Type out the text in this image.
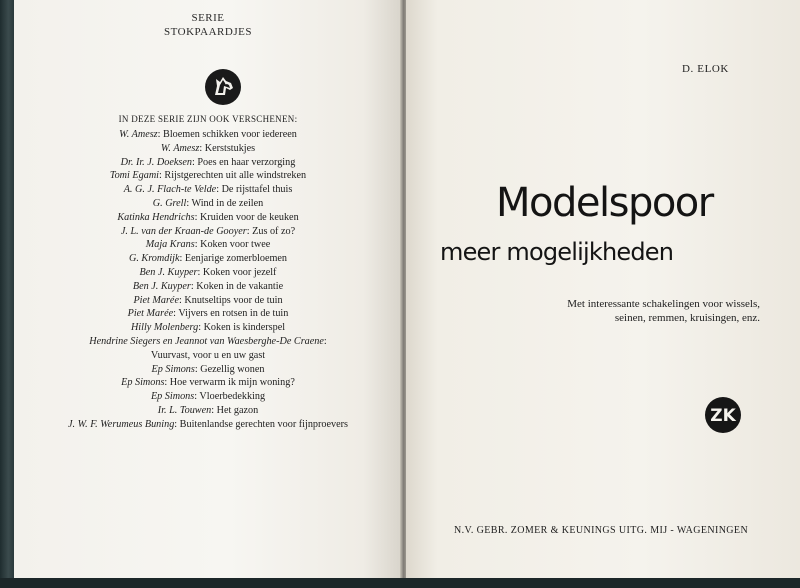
SERIE
STOKPAARDJES
IN DEZE SERIE ZIJN OOK VERSCHENEN:
W. Amesz: Bloemen schikken voor iedereen
W. Amesz: Kerststukjes
Dr. Ir. J. Doeksen: Poes en haar verzorging
Tomi Egami: Rijstgerechten uit alle windstreken
A. G. J. Flach-te Velde: De rijsttafel thuis
G. Grell: Wind in de zeilen
Katinka Hendrichs: Kruiden voor de keuken
J. L. van der Kraan-de Gooyer: Zus of zo?
Maja Krans: Koken voor twee
G. Kromdijk: Eenjarige zomerbloemen
Ben J. Kuyper: Koken voor jezelf
Ben J. Kuyper: Koken in de vakantie
Piet Marée: Knutseltips voor de tuin
Piet Marée: Vijvers en rotsen in de tuin
Hilly Molenberg: Koken is kinderspel
Hendrine Siegers en Jeannot van Waesberghe-De Craene:
Vuurvast, voor u en uw gast
Ep Simons: Gezellig wonen
Ep Simons: Hoe verwarm ik mijn woning?
Ep Simons: Vloerbedekking
Ir. L. Touwen: Het gazon
J. W. F. Werumeus Buning: Buitenlandse gerechten voor fijnproevers
D. ELOK
Modelspoor
meer mogelijkheden
Met interessante schakelingen voor wissels,
seinen, remmen, kruisingen, enz.
ZK
N.V. GEBR. ZOMER & KEUNINGS UITG. MIJ - WAGENINGEN
